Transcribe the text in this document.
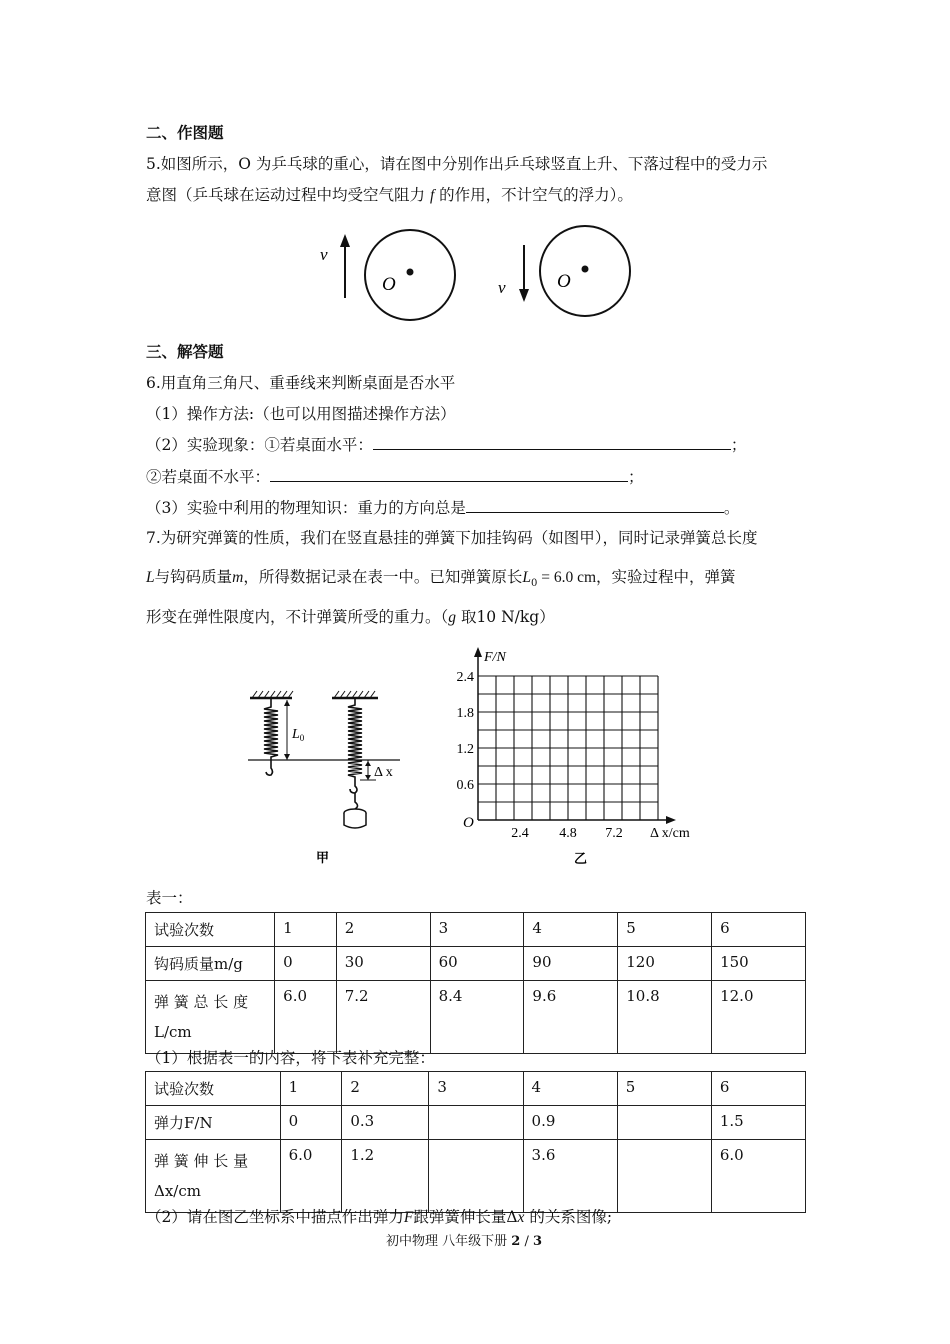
二、作图题
5.如图所示，O 为乒乓球的重心，请在图中分别作出乒乓球竖直上升、下落过程中的受力示
意图（乒乓球在运动过程中均受空气阻力 f 的作用，不计空气的浮力）。
v
O	v	O
三、解答题
6.用直角三角尺、重垂线来判断桌面是否水平
（1）操作方法:（也可以用图描述操作方法）
（2）实验现象：①若桌面水平：	；
②若桌面不水平：	；
（3）实验中利用的物理知识：重力的方向总是	。
7.为研究弹簧的性质，我们在竖直悬挂的弹簧下加挂钩码（如图甲），同时记录弹簧总长度
L与钩码质量m，所得数据记录在表一中。已知弹簧原长$L_0 = 6.0$ cm，实验过程中，弹簧
形变在弹性限度内，不计弹簧所受的重力。（g 取10 N/kg）
$L_0$
Δ x
甲
F/N
2.4
1.8
1.2
0.6
O
2.4 4.8 7.2 Δ x/cm
乙
表一：
试验次数	1	2	3	4	5	6
钩码质量m/g	0	30	60	90	120	150

弹 簧 总 长 度
L/cm	6.0	7.2	8.4	9.6	10.8	12.0
（1）根据表一的内容，将下表补充完整：
试验次数	1	2	3	4	5	6
弹力F/N	0	0.3		0.9		1.5

弹 簧 伸 长 量
Δx/cm	6.0	1.2		3.6		6.0
（2）请在图乙坐标系中描点作出弹力F跟弹簧伸长量Δx 的关系图像;
初中物理 八年级下册 2 / 3
